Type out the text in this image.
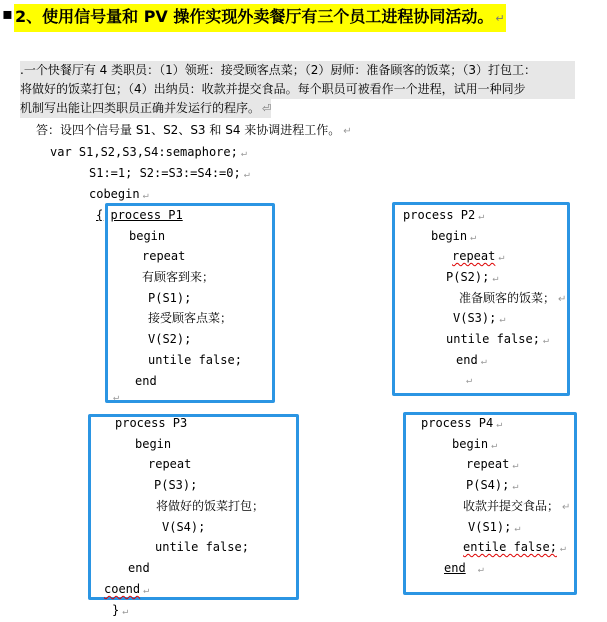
▪ 2、使用信号量和 PV 操作实现外卖餐厅有三个员工进程协同活动。 ↵
.一个快餐厅有 4 类职员：（1）领班：接受顾客点菜；（2）厨师：准备顾客的饭菜；（3）打包工：
将做好的饭菜打包；（4）出纳员：收款并提交食品。每个职员可被看作一个进程，试用一种同步
机制写出能让四类职员正确并发运行的程序。 ⏎
答：设四个信号量 S1、S2、S3 和 S4 来协调进程工作。 ↵
var S1,S2,S3,S4:semaphore; ↵
S1:=1; S2:=S3:=S4:=0; ↵
cobegin ↵
{ process P1
begin
repeat
有顾客到来；
P(S1);
接受顾客点菜；
V(S2);
untile false;
end
↵
process P2 ↵
begin ↵
repeat ↵
P(S2); ↵
准备顾客的饭菜； ↵
V(S3); ↵
untile false; ↵
end ↵
↵
process P3
begin
repeat
P(S3);
将做好的饭菜打包；
V(S4);
untile false;
end
coend ↵
} ↵
process P4 ↵
begin ↵
repeat ↵
P(S4); ↵
收款并提交食品； ↵
V(S1); ↵
entile false; ↵
end ↵
